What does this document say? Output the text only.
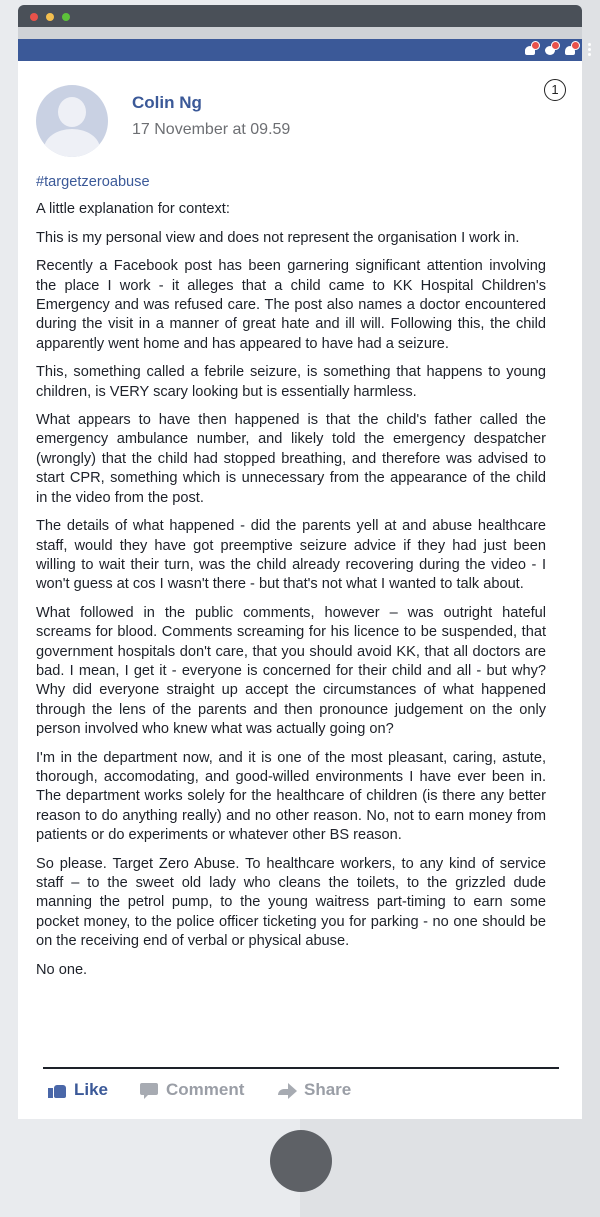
Colin Ng
17 November at 09.59
1
#targetzeroabuse

A little explanation for context:

This is my personal view and does not represent the organisation I work in.

Recently a Facebook post has been garnering significant attention involving the place I work - it alleges that a child came to KK Hospital Children's Emergency and was refused care. The post also names a doctor encountered during the visit in a manner of great hate and ill will. Following this, the child apparently went home and has appeared to have had a seizure.

This, something called a febrile seizure, is something that happens to young children, is VERY scary looking but is essentially harmless.

What appears to have then happened is that the child's father called the emergency ambulance number, and likely told the emergency despatcher (wrongly) that the child had stopped breathing, and therefore was advised to start CPR, something which is unnecessary from the appearance of the child in the video from the post.

The details of what happened - did the parents yell at and abuse healthcare staff, would they have got preemptive seizure advice if they had just been willing to wait their turn, was the child already recovering during the video - I won't guess at cos I wasn't there - but that's not what I wanted to talk about.

What followed in the public comments, however – was outright hateful screams for blood. Comments screaming for his licence to be suspended, that government hospitals don't care, that you should avoid KK, that all doctors are bad. I mean, I get it - everyone is concerned for their child and all - but why? Why did everyone straight up accept the circumstances of what happened through the lens of the parents and then pronounce judgement on the only person involved who knew what was actually going on?

I'm in the department now, and it is one of the most pleasant, caring, astute, thorough, accomodating, and good-willed environments I have ever been in. The department works solely for the healthcare of children (is there any better reason to do anything really) and no other reason. No, not to earn money from patients or do experiments or whatever other BS reason.

So please. Target Zero Abuse. To healthcare workers, to any kind of service staff – to the sweet old lady who cleans the toilets, to the grizzled dude manning the petrol pump, to the young waitress part-timing to earn some pocket money, to the police officer ticketing you for parking - no one should be on the receiving end of verbal or physical abuse.

No one.

Like	Comment	Share
